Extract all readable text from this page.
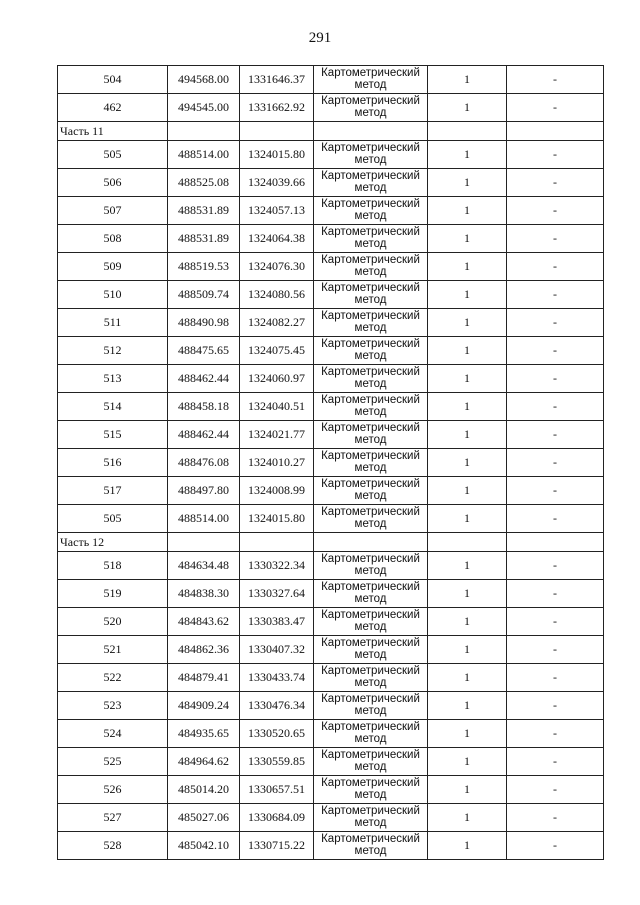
291
504	494568.00	1331646.37	Картометрический метод	1	-
462	494545.00	1331662.92	Картометрический метод	1	-
Часть 11					
505	488514.00	1324015.80	Картометрический метод	1	-
506	488525.08	1324039.66	Картометрический метод	1	-
507	488531.89	1324057.13	Картометрический метод	1	-
508	488531.89	1324064.38	Картометрический метод	1	-
509	488519.53	1324076.30	Картометрический метод	1	-
510	488509.74	1324080.56	Картометрический метод	1	-
511	488490.98	1324082.27	Картометрический метод	1	-
512	488475.65	1324075.45	Картометрический метод	1	-
513	488462.44	1324060.97	Картометрический метод	1	-
514	488458.18	1324040.51	Картометрический метод	1	-
515	488462.44	1324021.77	Картометрический метод	1	-
516	488476.08	1324010.27	Картометрический метод	1	-
517	488497.80	1324008.99	Картометрический метод	1	-
505	488514.00	1324015.80	Картометрический метод	1	-
Часть 12					
518	484634.48	1330322.34	Картометрический метод	1	-
519	484838.30	1330327.64	Картометрический метод	1	-
520	484843.62	1330383.47	Картометрический метод	1	-
521	484862.36	1330407.32	Картометрический метод	1	-
522	484879.41	1330433.74	Картометрический метод	1	-
523	484909.24	1330476.34	Картометрический метод	1	-
524	484935.65	1330520.65	Картометрический метод	1	-
525	484964.62	1330559.85	Картометрический метод	1	-
526	485014.20	1330657.51	Картометрический метод	1	-
527	485027.06	1330684.09	Картометрический метод	1	-
528	485042.10	1330715.22	Картометрический метод	1	-
